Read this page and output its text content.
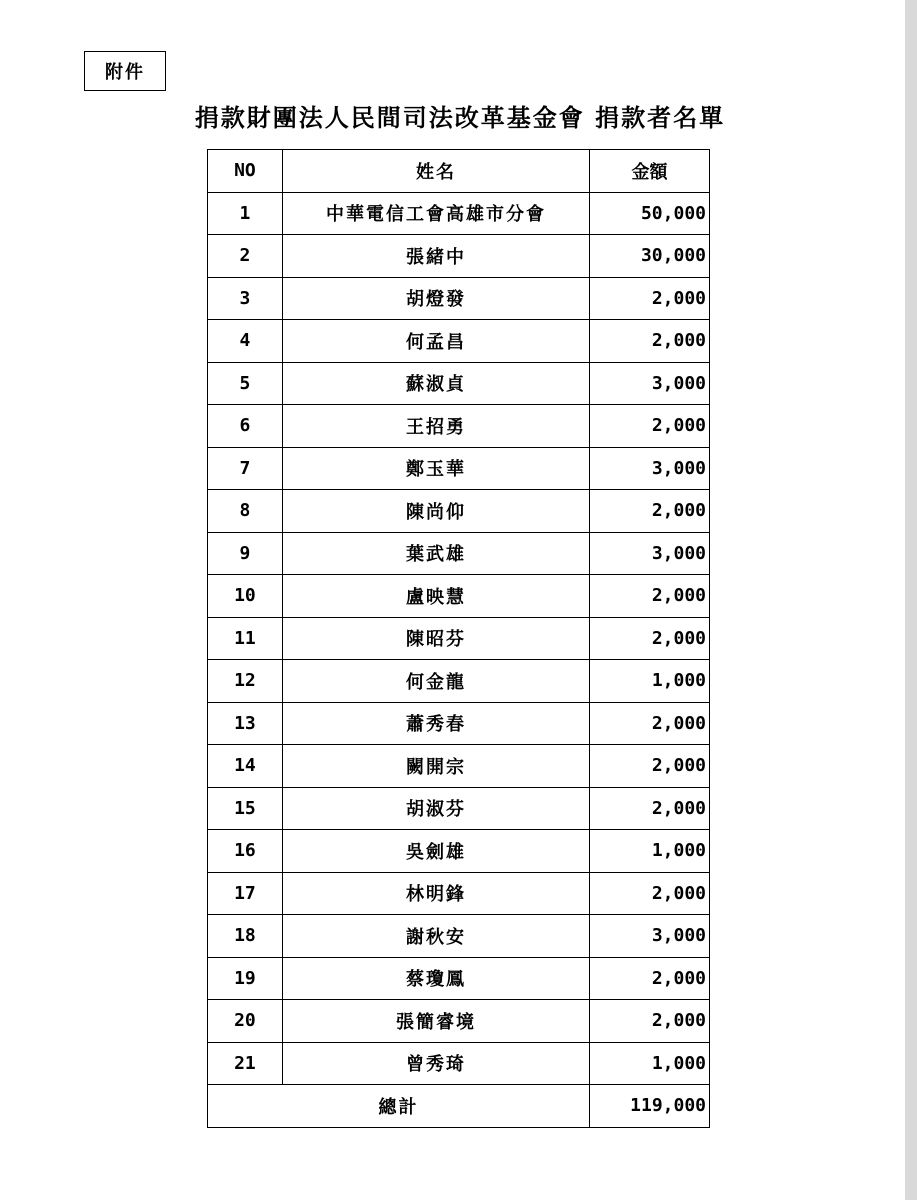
附件
捐款財團法人民間司法改革基金會 捐款者名單
NO	姓名	金額
1	中華電信工會高雄市分會	50,000
2	張緒中	30,000
3	胡燈發	2,000
4	何孟昌	2,000
5	蘇淑貞	3,000
6	王招勇	2,000
7	鄭玉華	3,000
8	陳尚仰	2,000
9	葉武雄	3,000
10	盧映慧	2,000
11	陳昭芬	2,000
12	何金龍	1,000
13	蕭秀春	2,000
14	闕開宗	2,000
15	胡淑芬	2,000
16	吳劍雄	1,000
17	林明鋒	2,000
18	謝秋安	3,000
19	蔡瓊鳳	2,000
20	張簡睿境	2,000
21	曾秀琦	1,000
總計		119,000
